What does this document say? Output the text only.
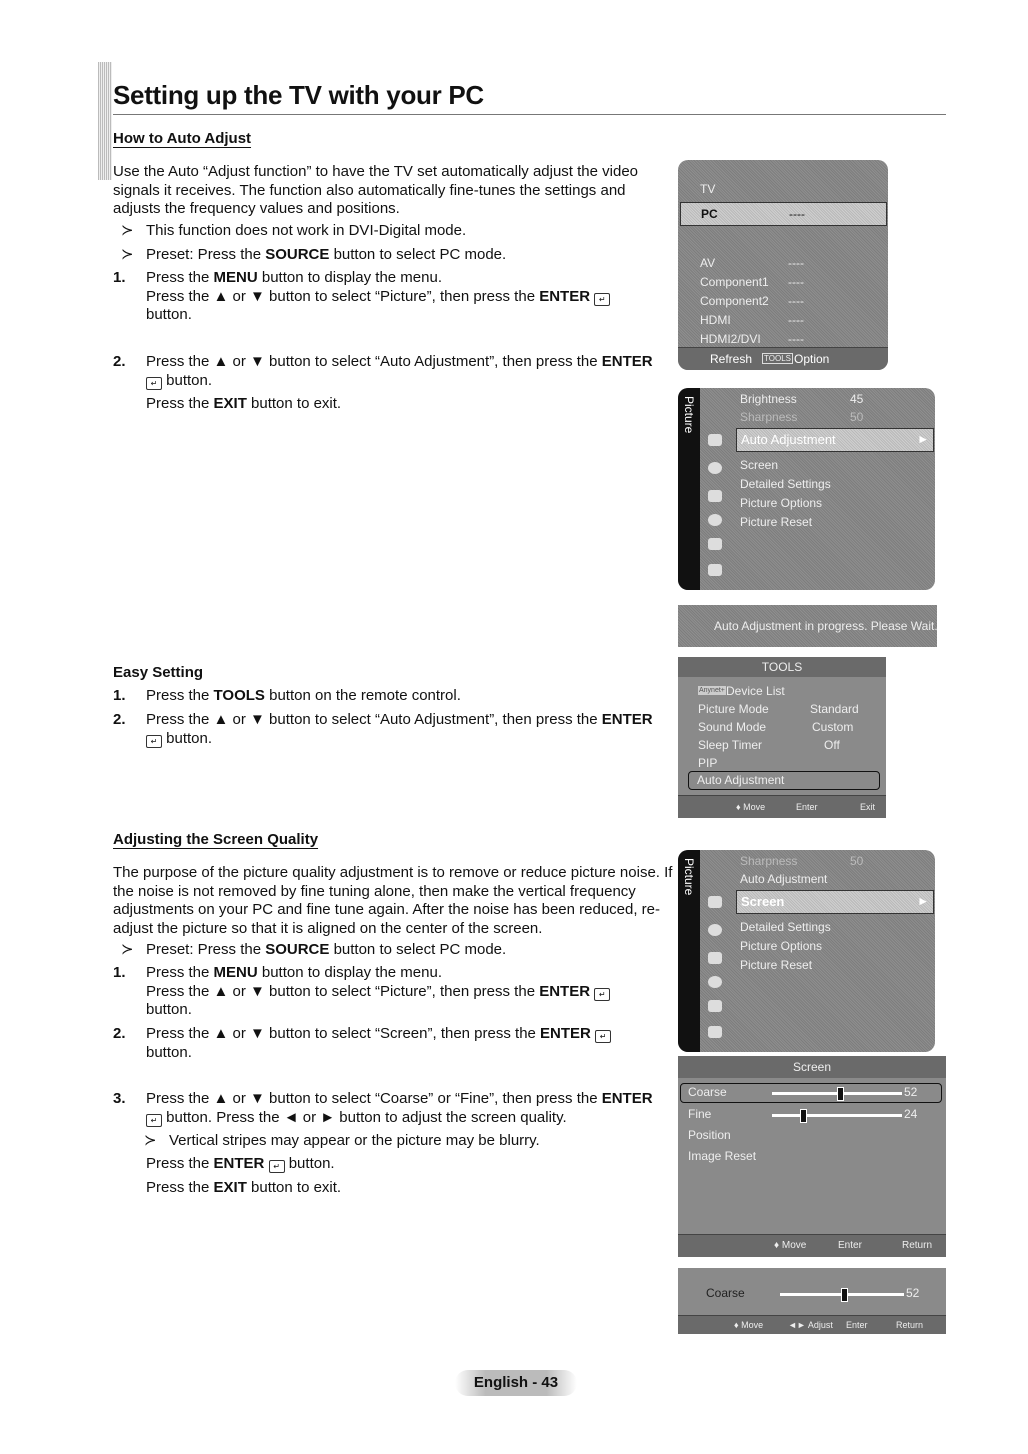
Setting up the TV with your PC
How to Auto Adjust
Use the Auto “Adjust function” to have the TV set automatically adjust the video signals it receives. The function also automatically fine-tunes the settings and adjusts the frequency values and positions.
≻ This function does not work in DVI-Digital mode.
≻ Preset: Press the SOURCE button to select PC mode.
1. Press the MENU button to display the menu.
Press the ▲ or ▼ button to select “Picture”, then press the ENTER ↵
button.
2. Press the ▲ or ▼ button to select “Auto Adjustment”, then press the ENTER
↵ button.
Press the EXIT button to exit.
Easy Setting
1. Press the TOOLS button on the remote control.
2. Press the ▲ or ▼ button to select “Auto Adjustment”, then press the ENTER
↵ button.
Adjusting the Screen Quality
The purpose of the picture quality adjustment is to remove or reduce picture noise. If the noise is not removed by fine tuning alone, then make the vertical frequency adjustments on your PC and fine tune again. After the noise has been reduced, re-adjust the picture so that it is aligned on the center of the screen.
≻ Preset: Press the SOURCE button to select PC mode.
1. Press the MENU button to display the menu.
Press the ▲ or ▼ button to select “Picture”, then press the ENTER ↵
button.
2. Press the ▲ or ▼ button to select “Screen”, then press the ENTER ↵
button.
3. Press the ▲ or ▼ button to select “Coarse” or “Fine”, then press the ENTER
↵ button. Press the ◄ or ► button to adjust the screen quality.
≻ Vertical stripes may appear or the picture may be blurry.
Press the ENTER ↵ button.
Press the EXIT button to exit.
TV
PC	----
AV	----
Component1 ----
Component2 ----
HDMI	----
HDMI2/DVI ----
Refresh TOOLS Option
Picture	Brightness	45
Sharpness	50
Auto Adjustment	►
Screen
Detailed Settings
Picture Options
Picture Reset
Auto Adjustment in progress. Please Wait.
TOOLS
Anynet+ Device List
Picture Mode	Standard
Sound Mode	Custom
Sleep Timer	Off
PIP
Auto Adjustment
♦ Move	Enter	Exit
Picture	Sharpness	50
Auto Adjustment
Screen	►
Detailed Settings
Picture Options
Picture Reset
Screen
Coarse	52
Fine	24
Position
Image Reset
♦ Move	Enter	Return
Coarse	52
♦ Move	◄► Adjust Enter	Return
English - 43
